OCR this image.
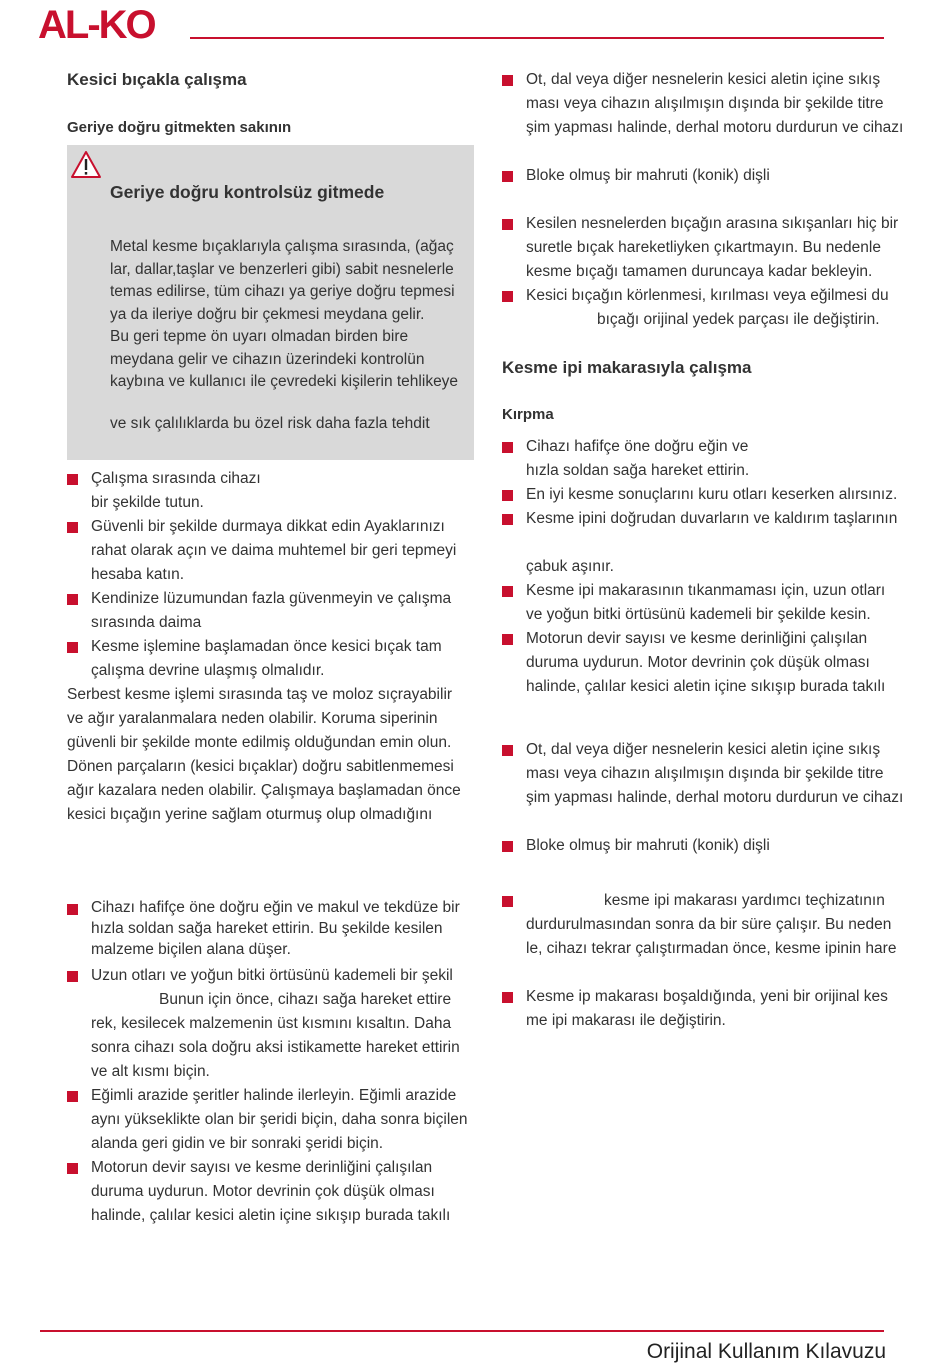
AL-KO
Kesici bıçakla çalışma
Geriye doğru gitmekten sakının
Geriye doğru kontrolsüz gitmede
Metal kesme bıçaklarıyla çalışma sırasında, (ağaç
lar, dallar,taşlar ve benzerleri gibi) sabit nesnelerle
temas edilirse, tüm cihazı ya geriye doğru tepmesi
ya da ileriye doğru bir çekmesi meydana gelir.
Bu geri tepme ön uyarı olmadan birden bire
meydana gelir ve cihazın üzerindeki kontrolün
kaybına ve kullanıcı ile çevredeki kişilerin tehlikeye
ve sık çalılıklarda bu özel risk daha fazla tehdit
Çalışma sırasında cihazı
bir şekilde tutun.
Güvenli bir şekilde durmaya dikkat edin Ayaklarınızı
rahat olarak açın ve daima muhtemel bir geri tepmeyi
hesaba katın.
Kendinize lüzumundan fazla güvenmeyin ve çalışma
sırasında daima
Kesme işlemine başlamadan önce kesici bıçak tam
çalışma devrine ulaşmış olmalıdır.
Serbest kesme işlemi sırasında taş ve moloz sıçrayabilir
ve ağır yaralanmalara neden olabilir. Koruma siperinin
güvenli bir şekilde monte edilmiş olduğundan emin olun.
Dönen parçaların (kesici bıçaklar) doğru sabitlenmemesi
ağır kazalara neden olabilir. Çalışmaya başlamadan önce
kesici bıçağın yerine sağlam oturmuş olup olmadığını
Cihazı hafifçe öne doğru eğin ve makul ve tekdüze bir
hızla soldan sağa hareket ettirin. Bu şekilde kesilen
malzeme biçilen alana düşer.
Uzun otları ve yoğun bitki örtüsünü kademeli bir şekil
Bunun için önce, cihazı sağa hareket ettire
rek, kesilecek malzemenin üst kısmını kısaltın. Daha
sonra cihazı sola doğru aksi istikamette hareket ettirin
ve alt kısmı biçin.
Eğimli arazide şeritler halinde ilerleyin. Eğimli arazide
aynı yükseklikte olan bir şeridi biçin, daha sonra biçilen
alanda geri gidin ve bir sonraki şeridi biçin.
Motorun devir sayısı ve kesme derinliğini çalışılan
duruma uydurun. Motor devrinin çok düşük olması
halinde, çalılar kesici aletin içine sıkışıp burada takılı
Ot, dal veya diğer nesnelerin kesici aletin içine sıkış
ması veya cihazın alışılmışın dışında bir şekilde titre
şim yapması halinde, derhal motoru durdurun ve cihazı
Bloke olmuş bir mahruti (konik) dişli
Kesilen nesnelerden bıçağın arasına sıkışanları hiç bir
suretle bıçak hareketliyken çıkartmayın. Bu nedenle
kesme bıçağı tamamen duruncaya kadar bekleyin.
Kesici bıçağın körlenmesi, kırılması veya eğilmesi du
bıçağı orijinal yedek parçası ile değiştirin.
Kesme ipi makarasıyla çalışma
Kırpma
Cihazı hafifçe öne doğru eğin ve
hızla soldan sağa hareket ettirin.
En iyi kesme sonuçlarını kuru otları keserken alırsınız.
Kesme ipini doğrudan duvarların ve kaldırım taşlarının
çabuk aşınır.
Kesme ipi makarasının tıkanmaması için, uzun otları
ve yoğun bitki örtüsünü kademeli bir şekilde kesin.
Motorun devir sayısı ve kesme derinliğini çalışılan
duruma uydurun. Motor devrinin çok düşük olması
halinde, çalılar kesici aletin içine sıkışıp burada takılı
Ot, dal veya diğer nesnelerin kesici aletin içine sıkış
ması veya cihazın alışılmışın dışında bir şekilde titre
şim yapması halinde, derhal motoru durdurun ve cihazı
Bloke olmuş bir mahruti (konik) dişli
kesme ipi makarası yardımcı teçhizatının
durdurulmasından sonra da bir süre çalışır. Bu neden
le, cihazı tekrar çalıştırmadan önce, kesme ipinin hare
Kesme ip makarası boşaldığında, yeni bir orijinal kes
me ipi makarası ile değiştirin.
Orijinal Kullanım Kılavuzu
